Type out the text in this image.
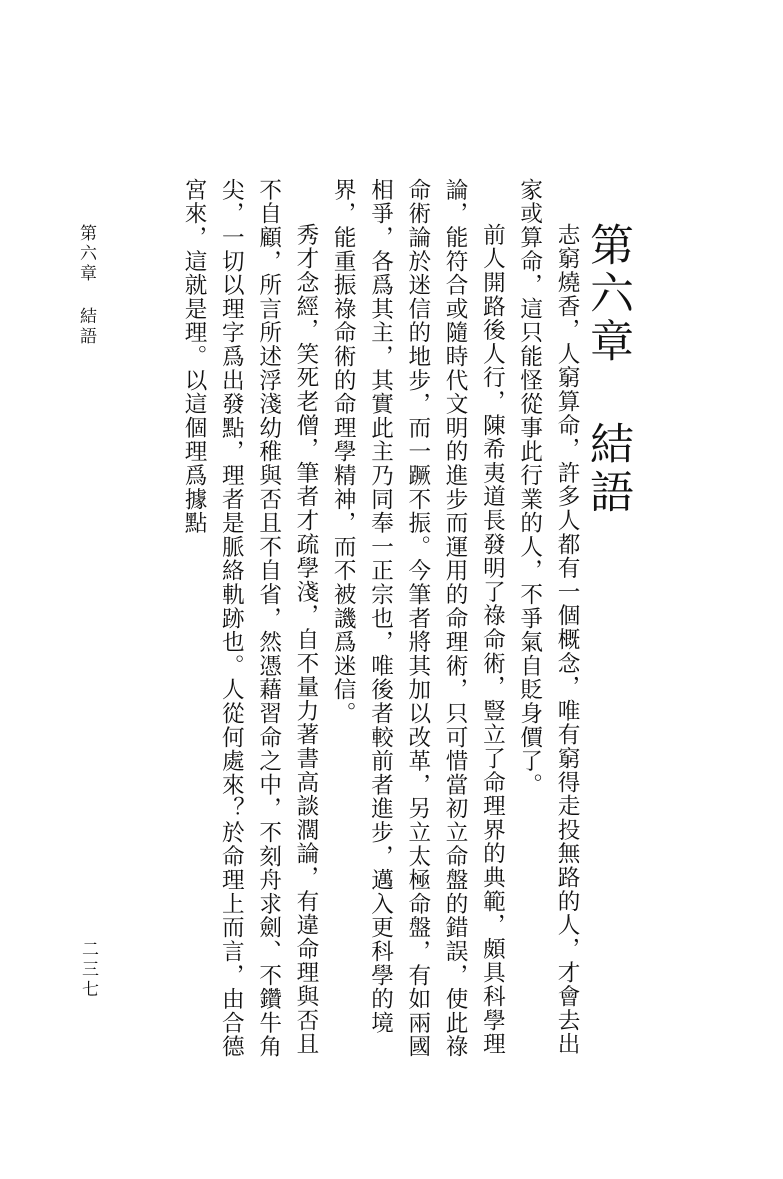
第六章 結語

志窮燒香，人窮算命，許多人都有一個概念，唯有窮得走投無路的人，才會去出家或算命，這只能怪從事此行業的人，不爭氣自貶身價了。

前人開路後人行，陳希夷道長發明了祿命術，豎立了命理界的典範，頗具科學理論，能符合或隨時代文明的進步而運用的命理術，只可惜當初立命盤的錯誤，使此祿命術論於迷信的地步，而一蹶不振。今筆者將其加以改革，另立太極命盤，有如兩國相爭，各爲其主，其實此主乃同奉一正宗也，唯後者較前者進步，邁入更科學的境界，能重振祿命術的命理學精神，而不被譏爲迷信。

秀才念經，笑死老僧，筆者才疏學淺，自不量力著書高談濶論，有違命理與否且不自顧，所言所述浮淺幼稚與否且不自省，然憑藉習命之中，不刻舟求劍、不鑽牛角尖，一切以理字爲出發點，理者是脈絡軌跡也。人從何處來？於命理上而言，由合德宮來，這就是理。以這個理爲據點

第六章 結語
二三七
